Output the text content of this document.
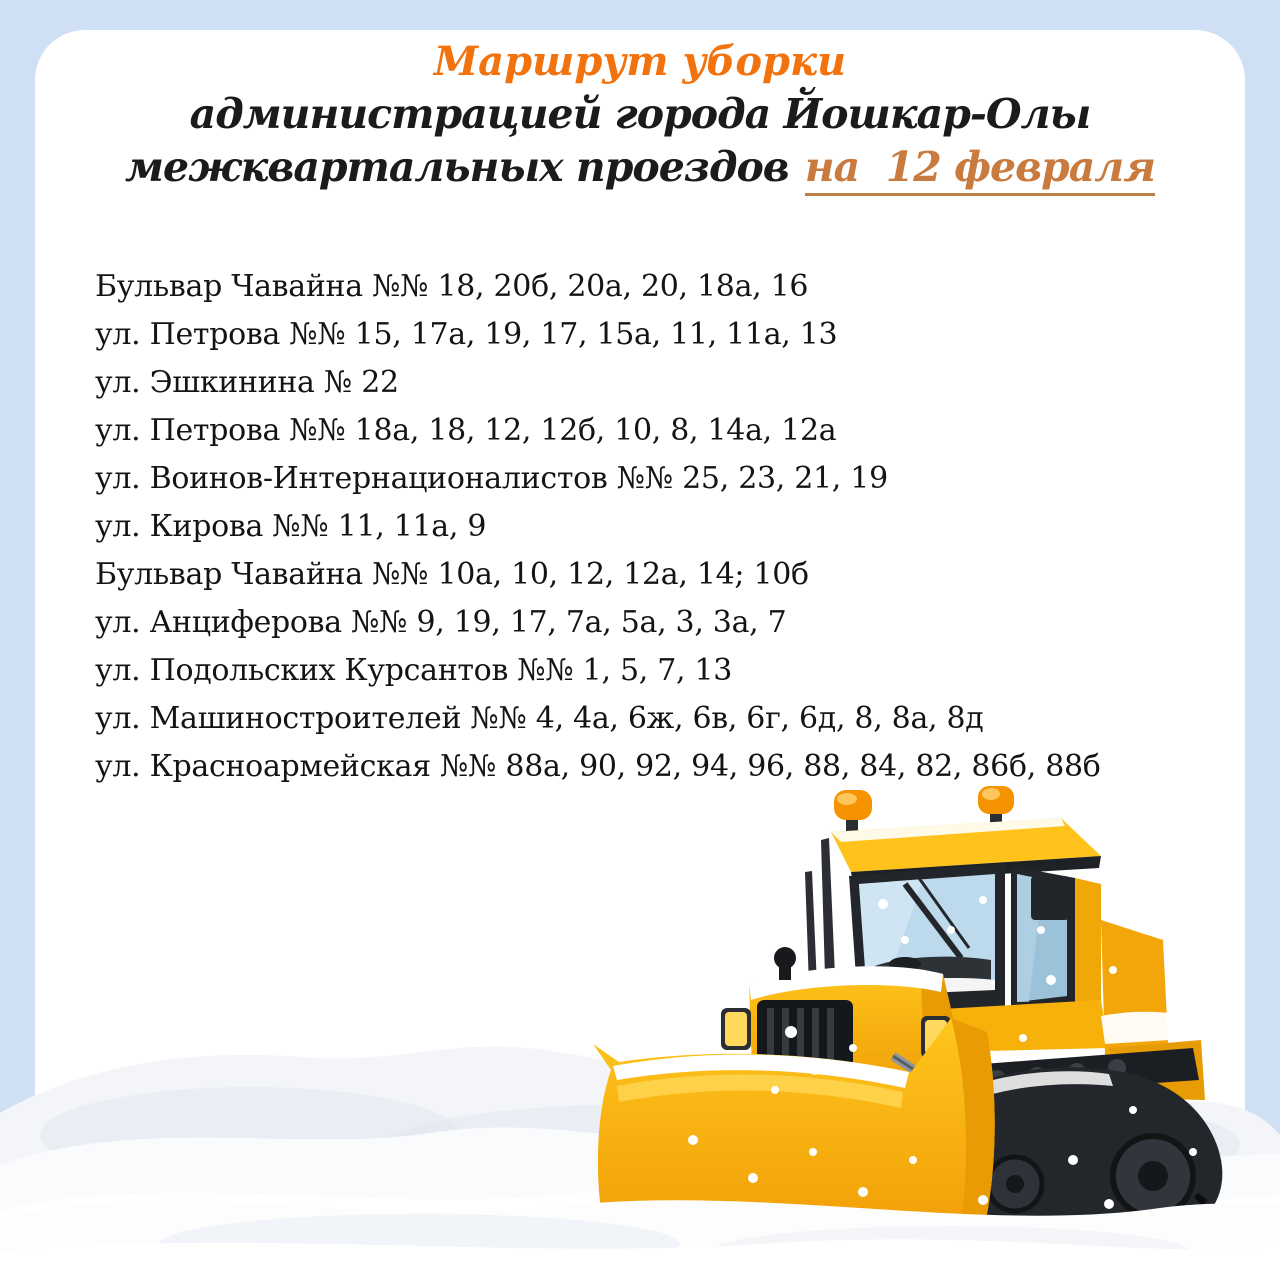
Маршрут уборки
администрацией города Йошкар-Олы
межквартальных проездов на  12 февраля
Бульвар Чавайна №№ 18, 20б, 20а, 20, 18а, 16
ул. Петрова №№ 15, 17а, 19, 17, 15а, 11, 11а, 13
ул. Эшкинина № 22
ул. Петрова №№ 18а, 18, 12, 12б, 10, 8, 14а, 12а
ул. Воинов-Интернационалистов №№ 25, 23, 21, 19
ул. Кирова №№ 11, 11а, 9
Бульвар Чавайна №№ 10а, 10, 12, 12а, 14; 10б
ул. Анциферова №№ 9, 19, 17, 7а, 5а, 3, 3а, 7
ул. Подольских Курсантов №№ 1, 5, 7, 13
ул. Машиностроителей №№ 4, 4а, 6ж, 6в, 6г, 6д, 8, 8а, 8д
ул. Красноармейская №№ 88а, 90, 92, 94, 96, 88, 84, 82, 86б, 88б
